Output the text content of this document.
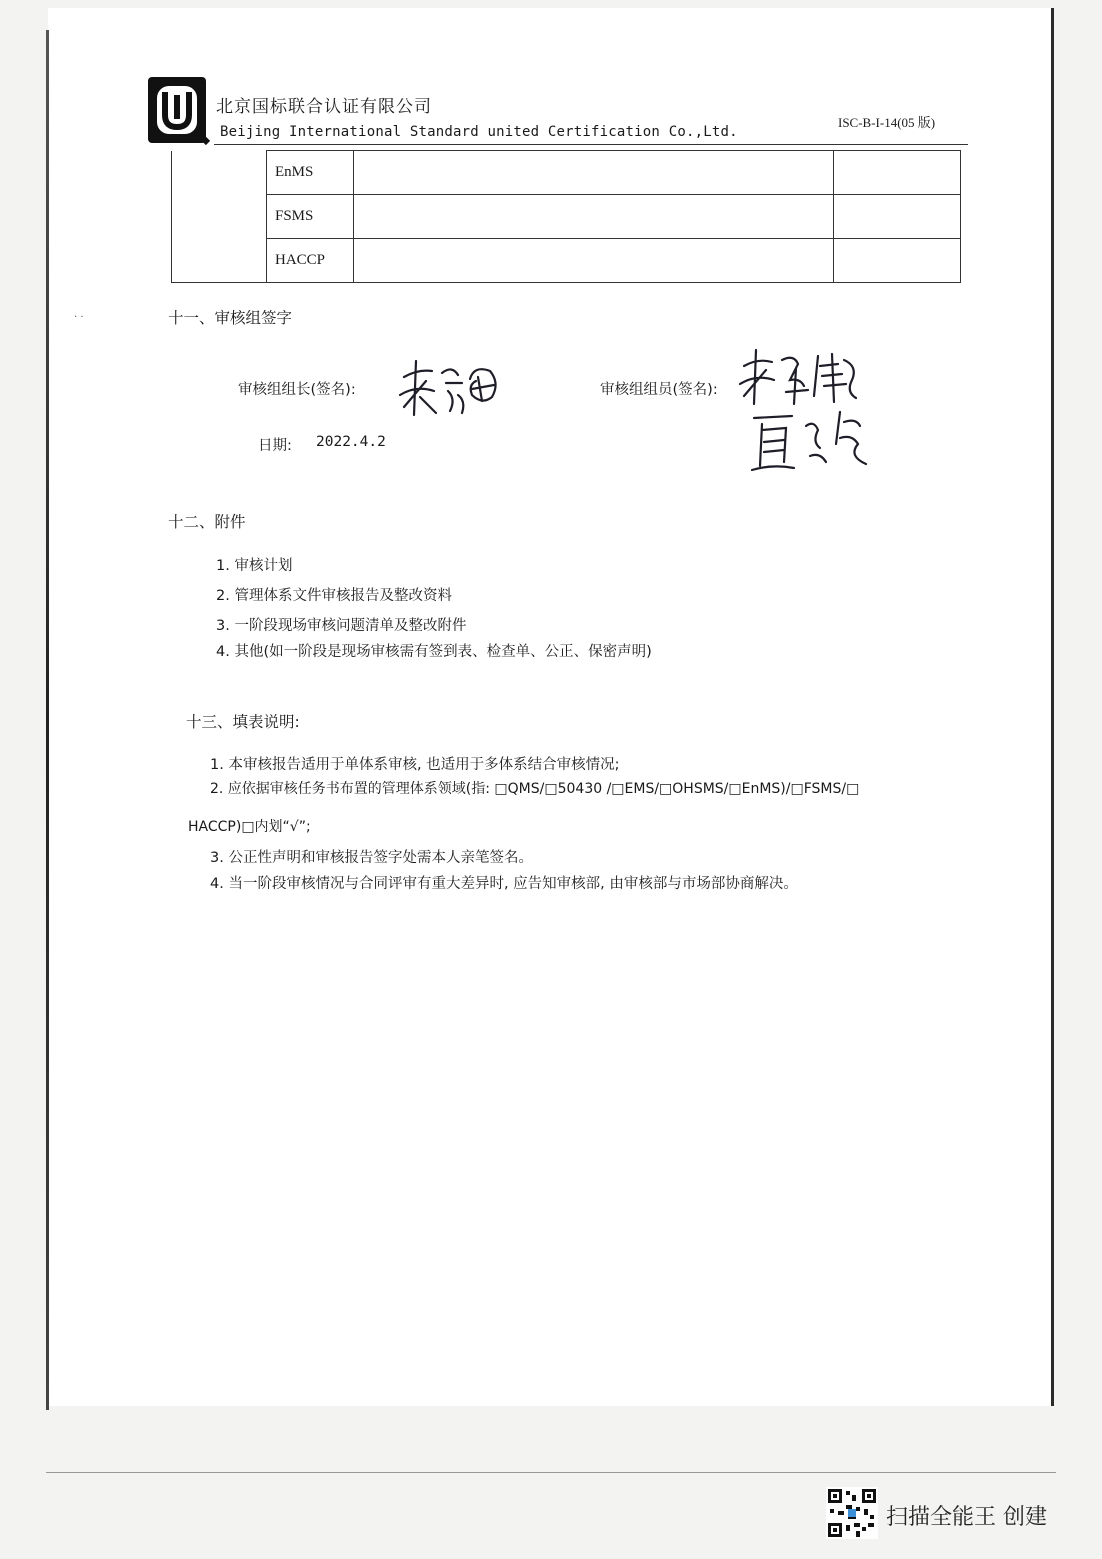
北京国标联合认证有限公司
Beijing International Standard united Certification Co.,Ltd.
ISC-B-I-14(05 版)
	EnMS		
	FSMS		
	HACCP		
· ·	十一、审核组签字
审核组组长(签名):	审核组组员(签名):
日期: 2022.4.2
十二、附件
1. 审核计划
2. 管理体系文件审核报告及整改资料
3. 一阶段现场审核问题清单及整改附件
4. 其他(如一阶段是现场审核需有签到表、检查单、公正、保密声明)
十三、填表说明:
1. 本审核报告适用于单体系审核, 也适用于多体系结合审核情况;
2. 应依据审核任务书布置的管理体系领域(指: □QMS/□50430 /□EMS/□OHSMS/□EnMS)/□FSMS/□
HACCP)□内划“√”;
3. 公正性声明和审核报告签字处需本人亲笔签名。
4. 当一阶段审核情况与合同评审有重大差异时, 应告知审核部, 由审核部与市场部协商解决。
扫描全能王 创建
